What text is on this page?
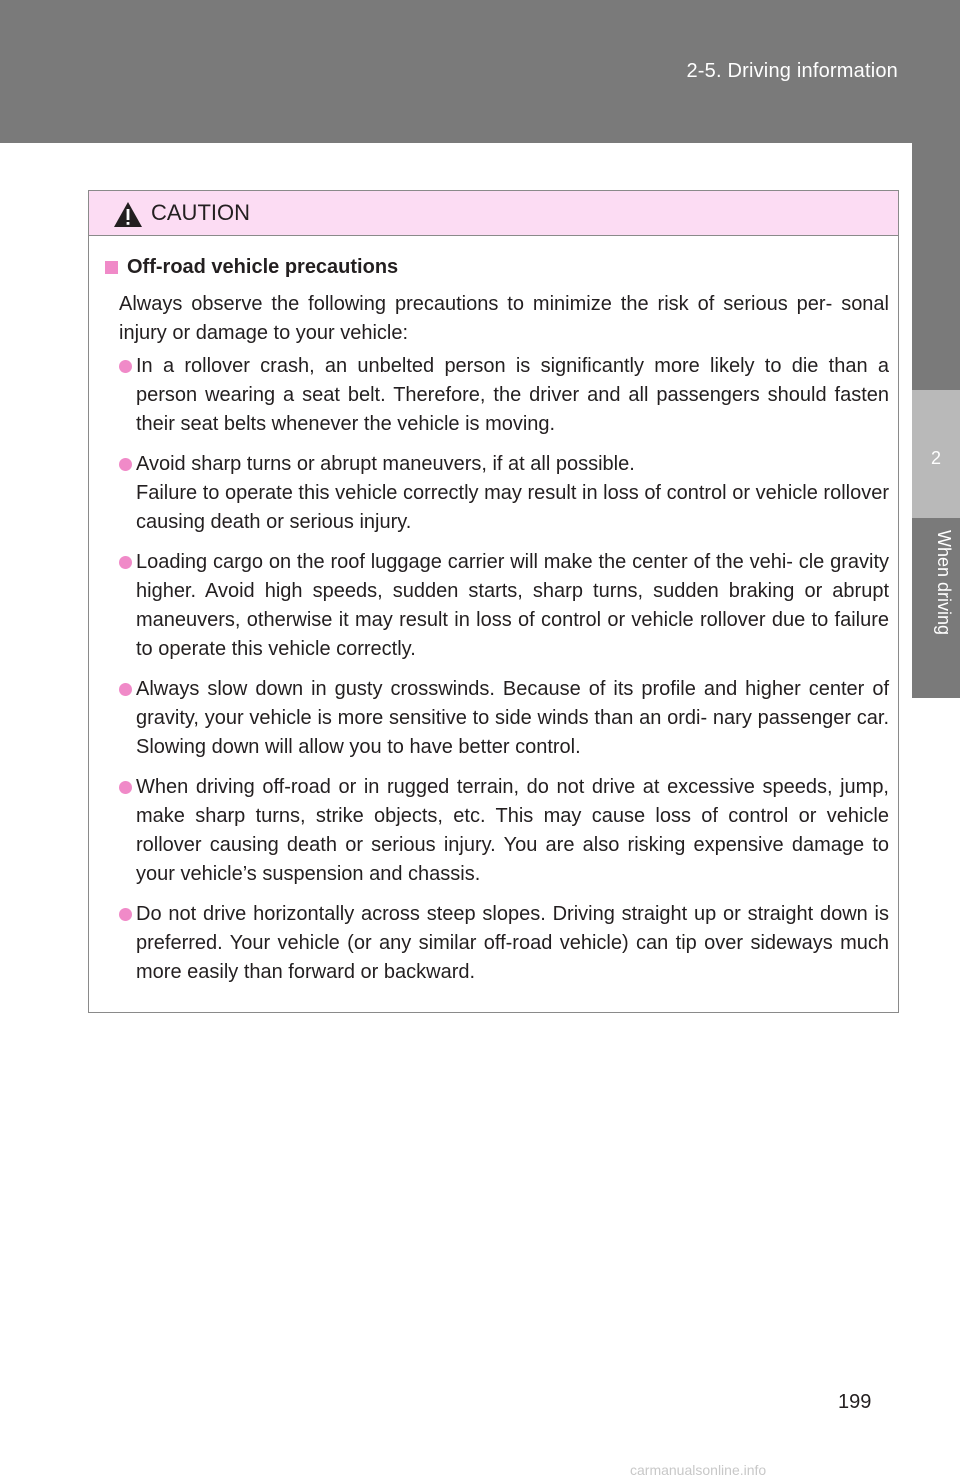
2-5. Driving information
2
When driving
CAUTION
Off-road vehicle precautions
Always observe the following precautions to minimize the risk of serious per- sonal injury or damage to your vehicle:
In a rollover crash, an unbelted person is significantly more likely to die than a person wearing a seat belt. Therefore, the driver and all passengers should fasten their seat belts whenever the vehicle is moving.
Avoid sharp turns or abrupt maneuvers, if at all possible.
Failure to operate this vehicle correctly may result in loss of control or vehicle rollover causing death or serious injury.
Loading cargo on the roof luggage carrier will make the center of the vehi- cle gravity higher. Avoid high speeds, sudden starts, sharp turns, sudden braking or abrupt maneuvers, otherwise it may result in loss of control or vehicle rollover due to failure to operate this vehicle correctly.
Always slow down in gusty crosswinds. Because of its profile and higher center of gravity, your vehicle is more sensitive to side winds than an ordi- nary passenger car. Slowing down will allow you to have better control.
When driving off-road or in rugged terrain, do not drive at excessive speeds, jump, make sharp turns, strike objects, etc. This may cause loss of control or vehicle rollover causing death or serious injury. You are also risking expensive damage to your vehicle’s suspension and chassis.
Do not drive horizontally across steep slopes. Driving straight up or straight down is preferred. Your vehicle (or any similar off-road vehicle) can tip over sideways much more easily than forward or backward.
199
carmanualsonline.info
